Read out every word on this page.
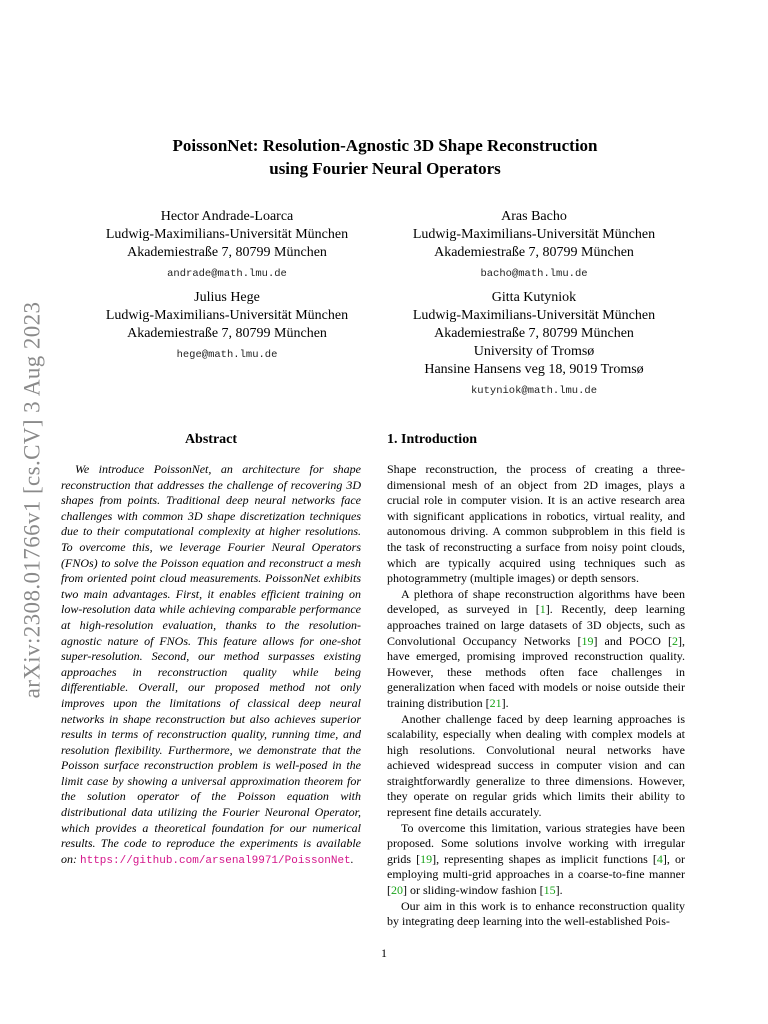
arXiv:2308.01766v1 [cs.CV] 3 Aug 2023
PoissonNet: Resolution-Agnostic 3D Shape Reconstruction
using Fourier Neural Operators
Hector Andrade-Loarca
Ludwig-Maximilians-Universität München
Akademiestraße 7, 80799 München
andrade@math.lmu.de
Aras Bacho
Ludwig-Maximilians-Universität München
Akademiestraße 7, 80799 München
bacho@math.lmu.de
Julius Hege
Ludwig-Maximilians-Universität München
Akademiestraße 7, 80799 München
hege@math.lmu.de
Gitta Kutyniok
Ludwig-Maximilians-Universität München
Akademiestraße 7, 80799 München
University of Tromsø
Hansine Hansens veg 18, 9019 Tromsø
kutyniok@math.lmu.de
Abstract

We introduce PoissonNet, an architecture for shape reconstruction that addresses the challenge of recovering 3D shapes from points. Traditional deep neural networks face challenges with common 3D shape discretization techniques due to their computational complexity at higher resolutions. To overcome this, we leverage Fourier Neural Operators (FNOs) to solve the Poisson equation and reconstruct a mesh from oriented point cloud measurements. PoissonNet exhibits two main advantages. First, it enables efficient training on low-resolution data while achieving comparable performance at high-resolution evaluation, thanks to the resolution-agnostic nature of FNOs. This feature allows for one-shot super-resolution. Second, our method surpasses existing approaches in reconstruction quality while being differentiable. Overall, our proposed method not only improves upon the limitations of classical deep neural networks in shape reconstruction but also achieves superior results in terms of reconstruction quality, running time, and resolution flexibility. Furthermore, we demonstrate that the Poisson surface reconstruction problem is well-posed in the limit case by showing a universal approximation theorem for the solution operator of the Poisson equation with distributional data utilizing the Fourier Neuronal Operator, which provides a theoretical foundation for our numerical results. The code to reproduce the experiments is available on: https://github.com/arsenal9971/PoissonNet.

1. Introduction

Shape reconstruction, the process of creating a three-dimensional mesh of an object from 2D images, plays a crucial role in computer vision. It is an active research area with significant applications in robotics, virtual reality, and autonomous driving. A common subproblem in this field is the task of reconstructing a surface from noisy point clouds, which are typically acquired using techniques such as photogrammetry (multiple images) or depth sensors.

A plethora of shape reconstruction algorithms have been developed, as surveyed in [1]. Recently, deep learning approaches trained on large datasets of 3D objects, such as Convolutional Occupancy Networks [19] and POCO [2], have emerged, promising improved reconstruction quality. However, these methods often face challenges in generalization when faced with models or noise outside their training distribution [21].

Another challenge faced by deep learning approaches is scalability, especially when dealing with complex models at high resolutions. Convolutional neural networks have achieved widespread success in computer vision and can straightforwardly generalize to three dimensions. However, they operate on regular grids which limits their ability to represent fine details accurately.

To overcome this limitation, various strategies have been proposed. Some solutions involve working with irregular grids [19], representing shapes as implicit functions [4], or employing multi-grid approaches in a coarse-to-fine manner [20] or sliding-window fashion [15].

Our aim in this work is to enhance reconstruction quality by integrating deep learning into the well-established Pois-

1
